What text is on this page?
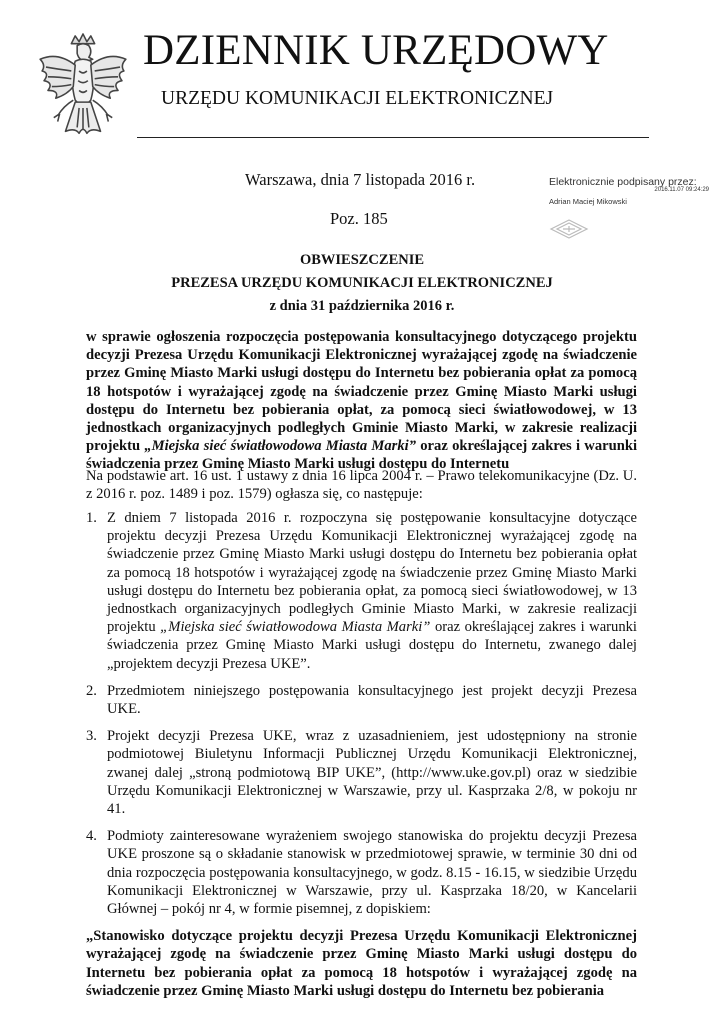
DZIENNIK URZĘDOWY
URZĘDU KOMUNIKACJI ELEKTRONICZNEJ
Warszawa, dnia 7 listopada 2016 r.
Poz. 185
Elektronicznie podpisany przez:
2016.11.07 09:24:29
Adrian Maciej Mikowski
OBWIESZCZENIE
PREZESA URZĘDU KOMUNIKACJI ELEKTRONICZNEJ
z dnia 31 października 2016 r.
w sprawie ogłoszenia rozpoczęcia postępowania konsultacyjnego dotyczącego projektu decyzji Prezesa Urzędu Komunikacji Elektronicznej wyrażającej zgodę na świadczenie przez Gminę Miasto Marki usługi dostępu do Internetu bez pobierania opłat za pomocą 18 hotspotów i wyrażającej zgodę na świadczenie przez Gminę Miasto Marki usługi dostępu do Internetu bez pobierania opłat, za pomocą sieci światłowodowej, w 13 jednostkach organizacyjnych podległych Gminie Miasto Marki, w zakresie realizacji projektu „Miejska sieć światłowodowa Miasta Marki” oraz określającej zakres i warunki świadczenia przez Gminę Miasto Marki usługi dostępu do Internetu
Na podstawie art. 16 ust. 1 ustawy z dnia 16 lipca 2004 r. – Prawo telekomunikacyjne (Dz. U. z 2016 r. poz. 1489 i poz. 1579) ogłasza się, co następuje:
1. Z dniem 7 listopada 2016 r. rozpoczyna się postępowanie konsultacyjne dotyczące projektu decyzji Prezesa Urzędu Komunikacji Elektronicznej wyrażającej zgodę na świadczenie przez Gminę Miasto Marki usługi dostępu do Internetu bez pobierania opłat za pomocą 18 hotspotów i wyrażającej zgodę na świadczenie przez Gminę Miasto Marki usługi dostępu do Internetu bez pobierania opłat, za pomocą sieci światłowodowej, w 13 jednostkach organizacyjnych podległych Gminie Miasto Marki, w zakresie realizacji projektu „Miejska sieć światłowodowa Miasta Marki” oraz określającej zakres i warunki świadczenia przez Gminę Miasto Marki usługi dostępu do Internetu, zwanego dalej „projektem decyzji Prezesa UKE”.
2. Przedmiotem niniejszego postępowania konsultacyjnego jest projekt decyzji Prezesa UKE.
3. Projekt decyzji Prezesa UKE, wraz z uzasadnieniem, jest udostępniony na stronie podmiotowej Biuletynu Informacji Publicznej Urzędu Komunikacji Elektronicznej, zwanej dalej „stroną podmiotową BIP UKE”, (http://www.uke.gov.pl) oraz w siedzibie Urzędu Komunikacji Elektronicznej w Warszawie, przy ul. Kasprzaka 2/8, w pokoju nr 41.
4. Podmioty zainteresowane wyrażeniem swojego stanowiska do projektu decyzji Prezesa UKE proszone są o składanie stanowisk w przedmiotowej sprawie, w terminie 30 dni od dnia rozpoczęcia postępowania konsultacyjnego, w godz. 8.15 - 16.15, w siedzibie Urzędu Komunikacji Elektronicznej w Warszawie, przy ul. Kasprzaka 18/20, w Kancelarii Głównej – pokój nr 4, w formie pisemnej, z dopiskiem:
„Stanowisko dotyczące projektu decyzji Prezesa Urzędu Komunikacji Elektronicznej wyrażającej zgodę na świadczenie przez Gminę Miasto Marki usługi dostępu do Internetu bez pobierania opłat za pomocą 18 hotspotów i wyrażającej zgodę na świadczenie przez Gminę Miasto Marki usługi dostępu do Internetu bez pobierania
